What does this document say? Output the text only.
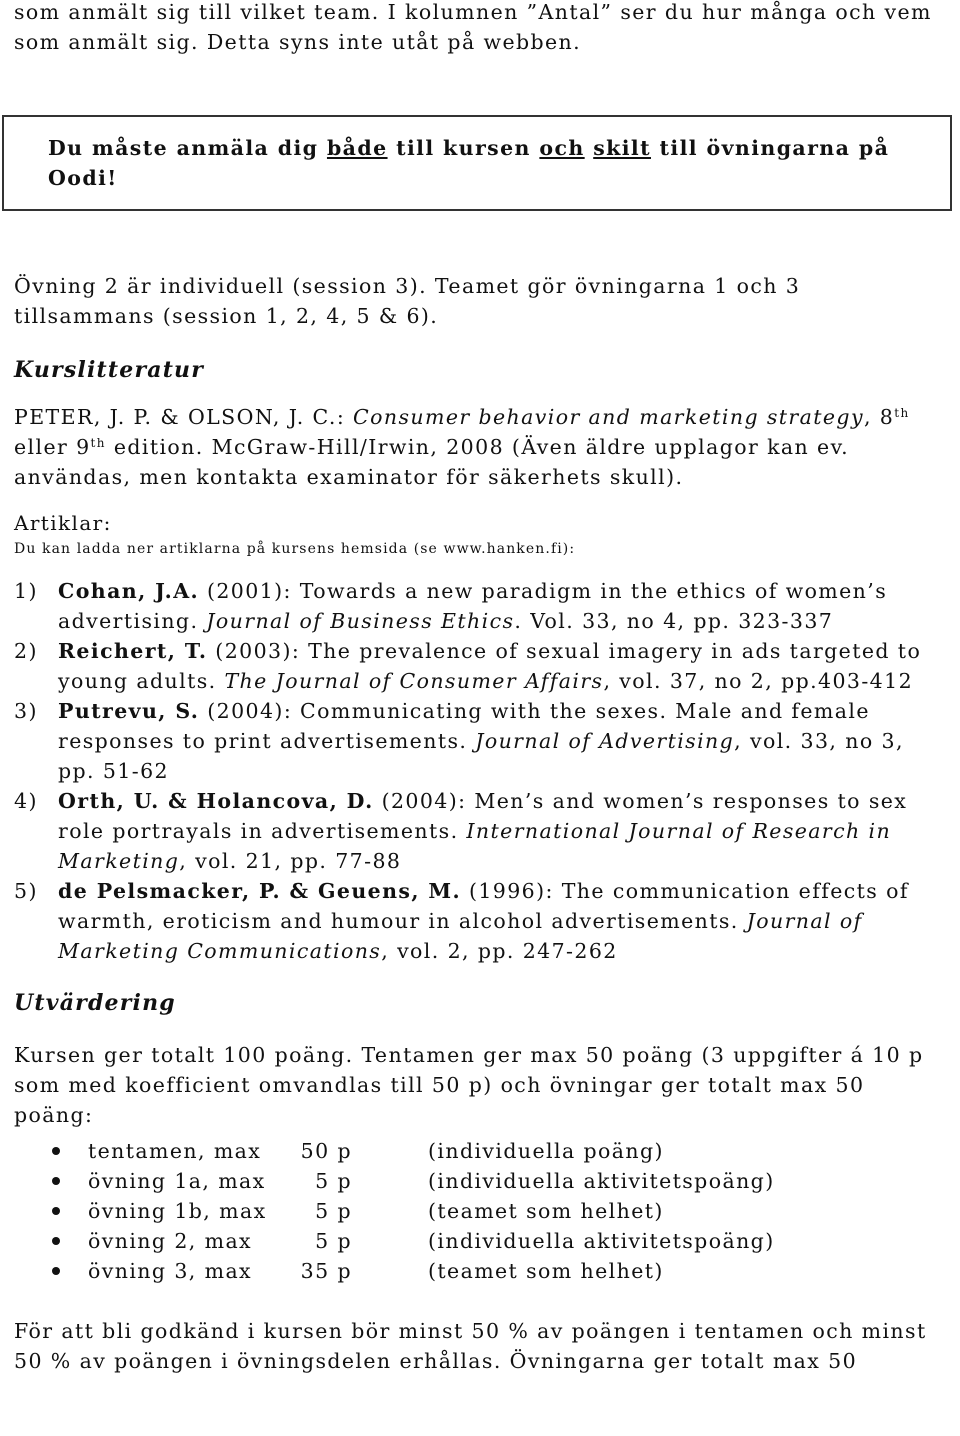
som anmält sig till vilket team. I kolumnen ”Antal” ser du hur många och vem som anmält sig. Detta syns inte utåt på webben.

Du måste anmäla dig både till kursen och skilt till övningarna på Oodi!

Övning 2 är individuell (session 3). Teamet gör övningarna 1 och 3 tillsammans (session 1, 2, 4, 5 & 6).

Kurslitteratur

PETER, J. P. & OLSON, J. C.: Consumer behavior and marketing strategy, 8th eller 9th edition. McGraw-Hill/Irwin, 2008 (Även äldre upplagor kan ev. användas, men kontakta examinator för säkerhets skull).

Artiklar:

Du kan ladda ner artiklarna på kursens hemsida (se www.hanken.fi):

1) Cohan, J.A. (2001): Towards a new paradigm in the ethics of women’s advertising. Journal of Business Ethics. Vol. 33, no 4, pp. 323-337
2) Reichert, T. (2003): The prevalence of sexual imagery in ads targeted to young adults. The Journal of Consumer Affairs, vol. 37, no 2, pp.403-412
3) Putrevu, S. (2004): Communicating with the sexes. Male and female responses to print advertisements. Journal of Advertising, vol. 33, no 3, pp. 51-62
4) Orth, U. & Holancova, D. (2004): Men’s and women’s responses to sex role portrayals in advertisements. International Journal of Research in Marketing, vol. 21, pp. 77-88
5) de Pelsmacker, P. & Geuens, M. (1996): The communication effects of warmth, eroticism and humour in alcohol advertisements. Journal of Marketing Communications, vol. 2, pp. 247-262
Utvärdering

Kursen ger totalt 100 poäng. Tentamen ger max 50 poäng (3 uppgifter á 10 p som med koefficient omvandlas till 50 p) och övningar ger totalt max 50 poäng:

tentamen, max 50 p	(individuella poäng)
övning 1a, max 5 p	(individuella aktivitetspoäng)
övning 1b, max 5 p	(teamet som helhet)
övning 2, max	5 p	(individuella aktivitetspoäng)
övning 3, max 35 p	(teamet som helhet)

För att bli godkänd i kursen bör minst 50 % av poängen i tentamen och minst 50 % av poängen i övningsdelen erhållas. Övningarna ger totalt max 50
